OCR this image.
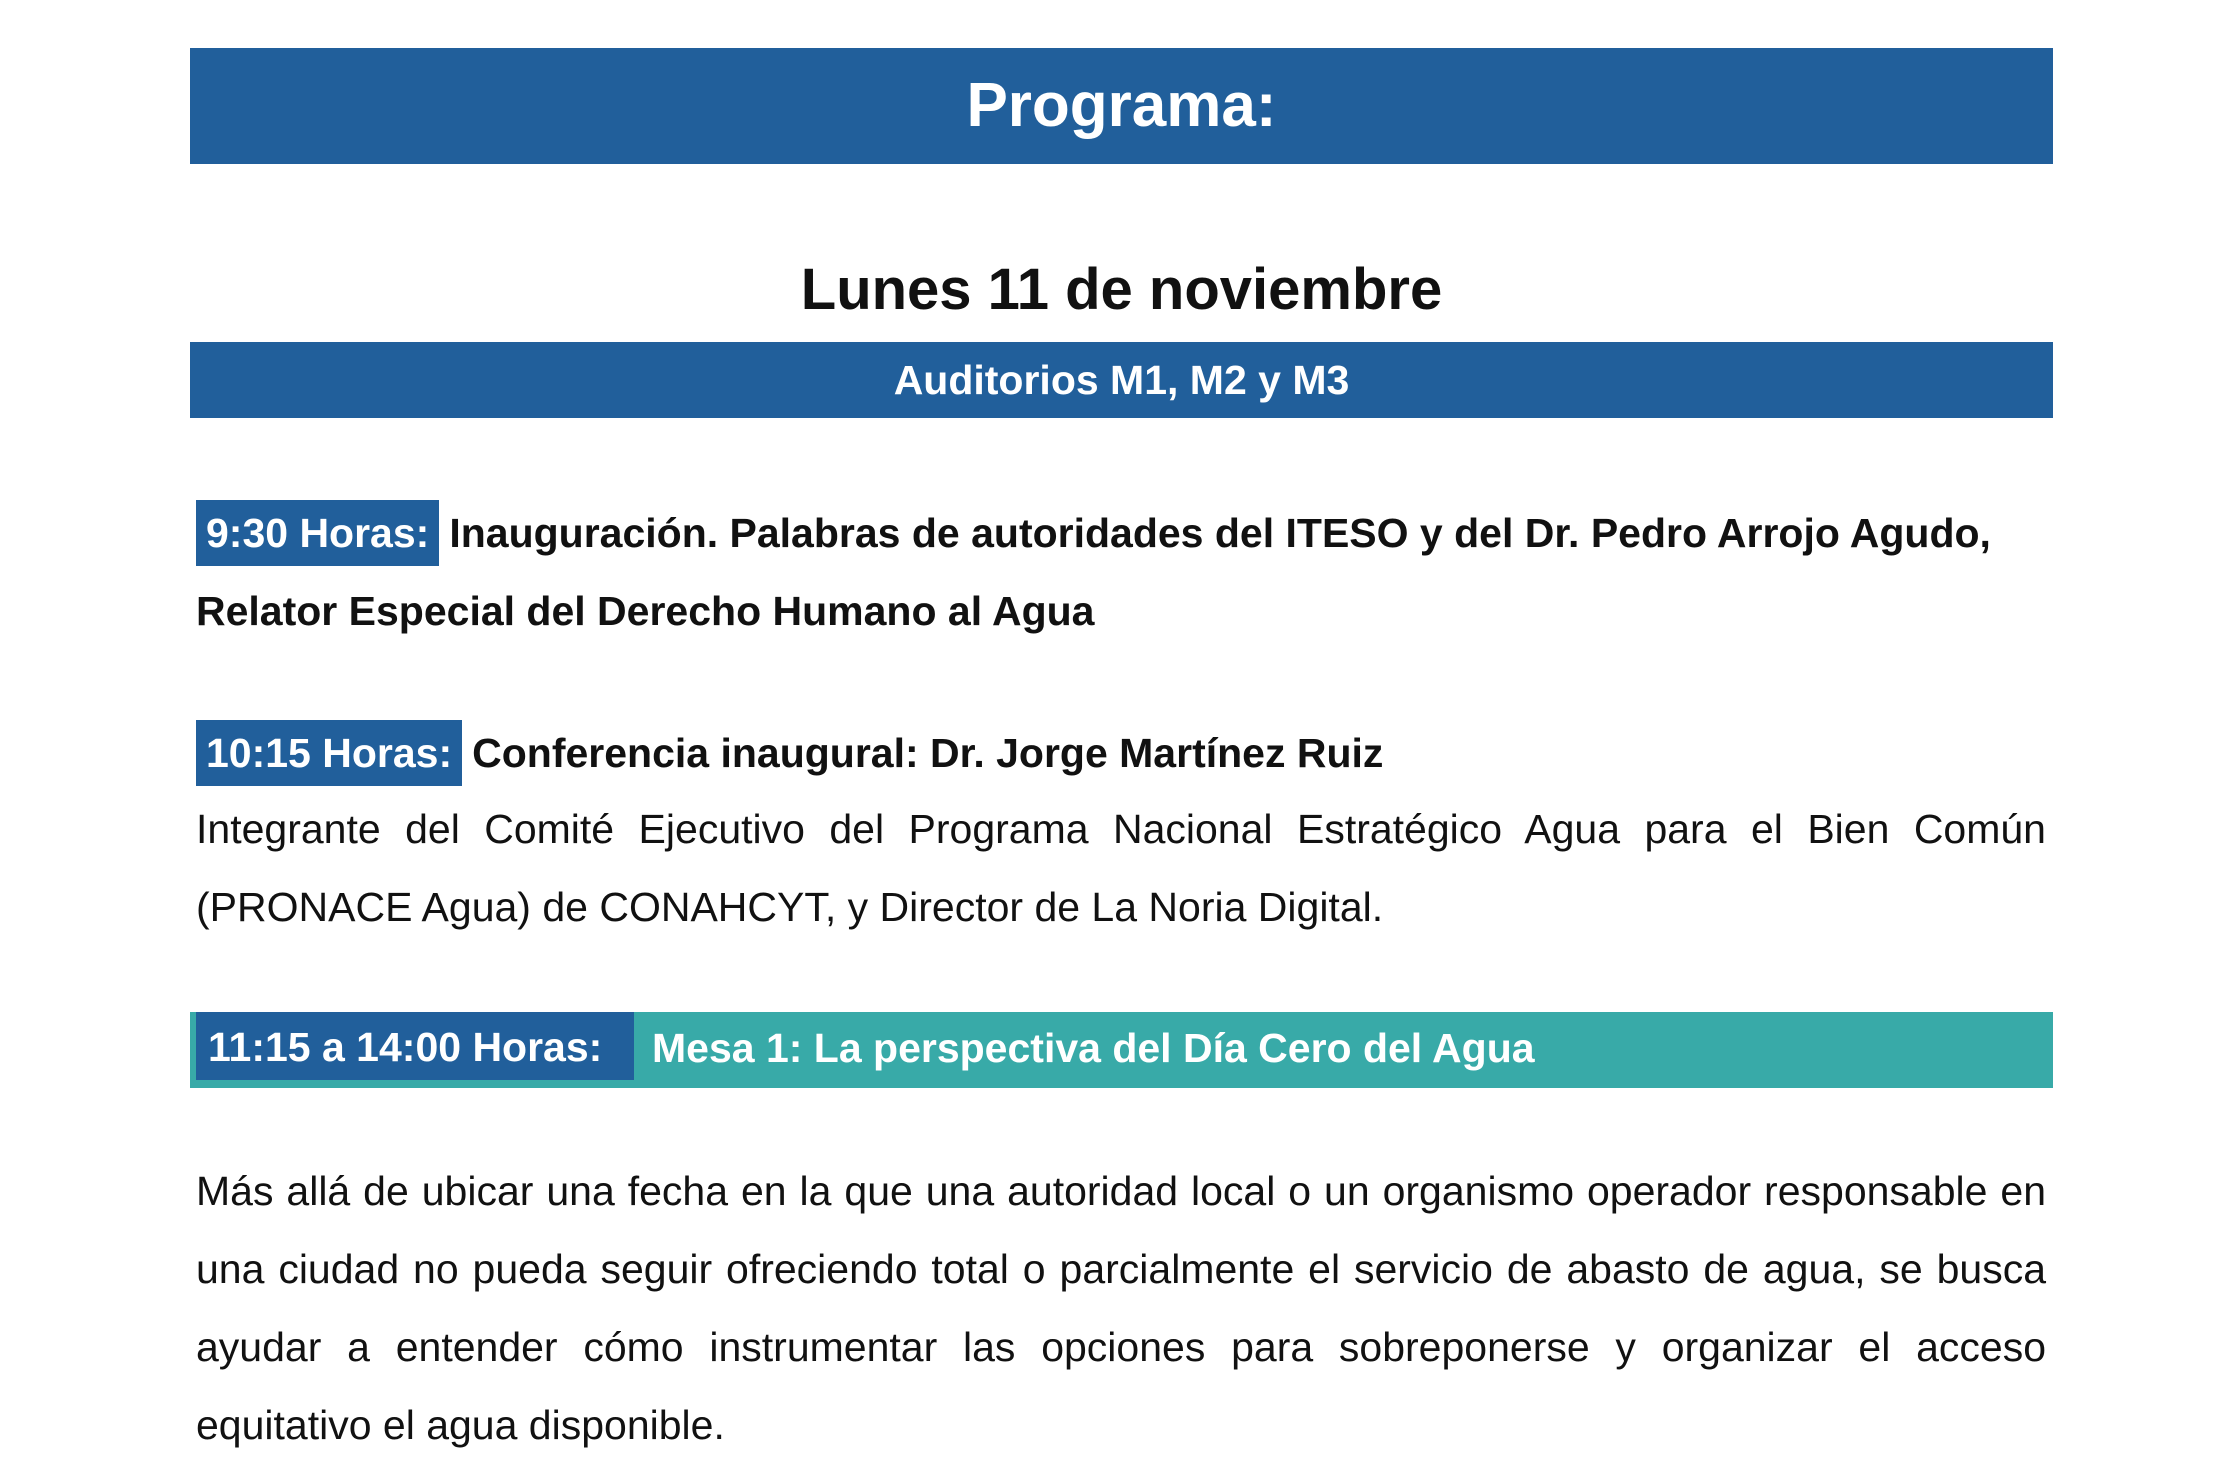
Programa:
Lunes 11 de noviembre
Auditorios M1, M2 y M3
9:30 Horas: Inauguración. Palabras de autoridades del ITESO y del Dr. Pedro Arrojo Agudo, Relator Especial del Derecho Humano al Agua
10:15 Horas: Conferencia inaugural: Dr. Jorge Martínez Ruiz
Integrante del Comité Ejecutivo del Programa Nacional Estratégico Agua para el Bien Común (PRONACE Agua) de CONAHCYT, y Director de La Noria Digital.
11:15 a 14:00 Horas:	Mesa 1: La perspectiva del Día Cero del Agua
Más allá de ubicar una fecha en la que una autoridad local o un organismo operador responsable en una ciudad no pueda seguir ofreciendo total o parcialmente el servicio de abasto de agua, se busca ayudar a entender cómo instrumentar las opciones para sobreponerse y organizar el acceso equitativo el agua disponible.
